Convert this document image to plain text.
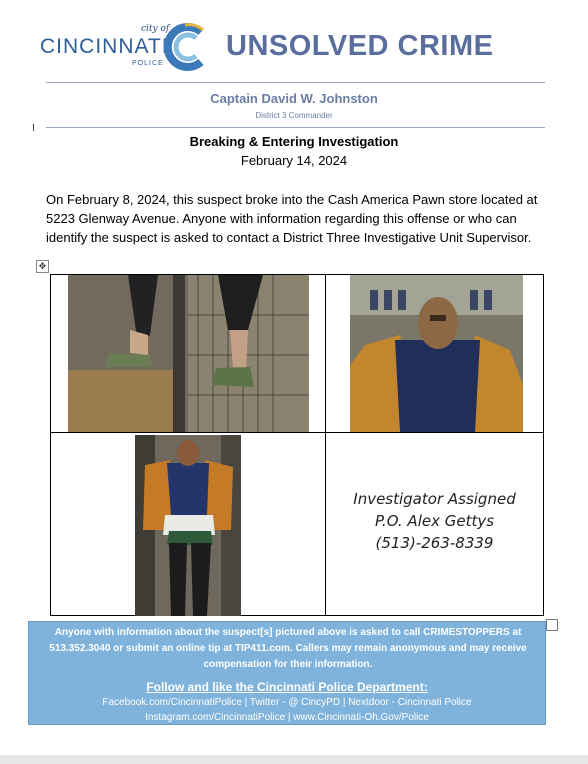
city of
CINCINNATI
POLICE
UNSOLVED CRIME
Captain David W. Johnston
District 3 Commander
Breaking & Entering Investigation
February 14, 2024
On February 8, 2024, this suspect broke into the Cash America Pawn store located at 5223 Glenway Avenue. Anyone with information regarding this offense or who can identify the suspect is asked to contact a District Three Investigative Unit Supervisor.
✥
Investigator Assigned
P.O. Alex Gettys
(513)-263-8339
Anyone with information about the suspect[s] pictured above is asked to call CRIMESTOPPERS at 513.352.3040 or submit an online tip at TIP411.com. Callers may remain anonymous and may receive compensation for their information.
Follow and like the Cincinnati Police Department:
Facebook.com/CincinnatiPolice | Twitter - @ CincyPD | Nextdoor - Cincinnati Police
Instagram.com/CincinnatiPolice | www.Cincinnati-Oh.Gov/Police
